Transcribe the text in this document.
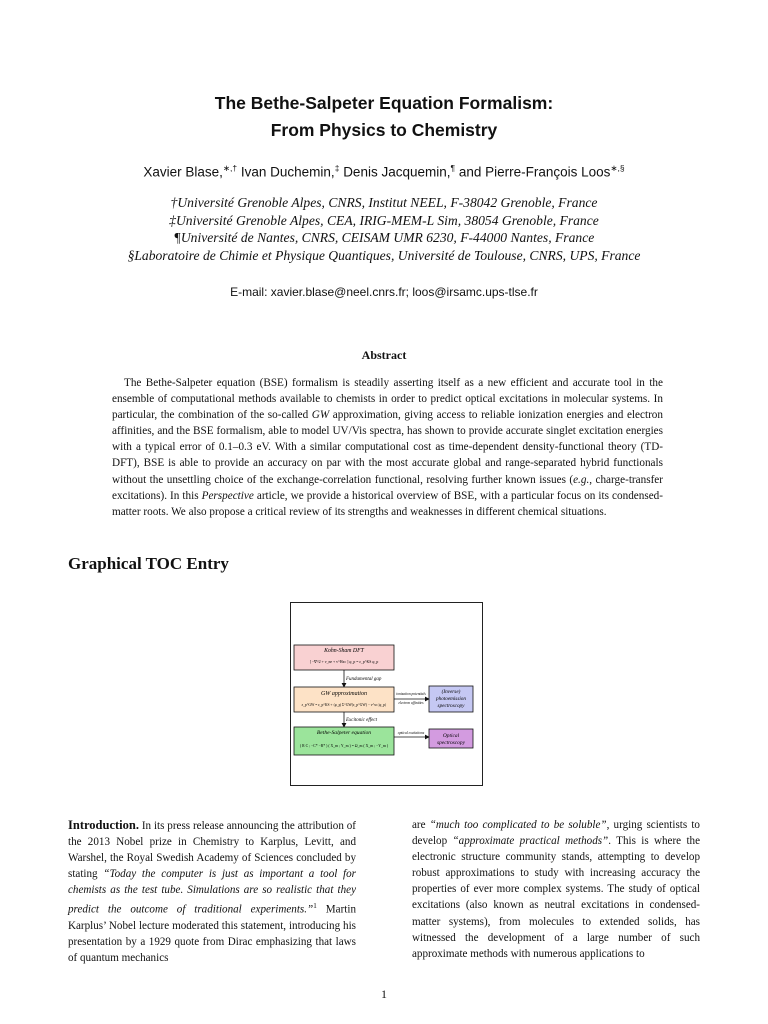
The Bethe-Salpeter Equation Formalism:
From Physics to Chemistry
Xavier Blase,∗,† Ivan Duchemin,‡ Denis Jacquemin,¶ and Pierre-François Loos∗,§
†Université Grenoble Alpes, CNRS, Institut NEEL, F-38042 Grenoble, France
‡Université Grenoble Alpes, CEA, IRIG-MEM-L Sim, 38054 Grenoble, France
¶Université de Nantes, CNRS, CEISAM UMR 6230, F-44000 Nantes, France
§Laboratoire de Chimie et Physique Quantiques, Université de Toulouse, CNRS, UPS, France
E-mail: xavier.blase@neel.cnrs.fr; loos@irsamc.ups-tlse.fr
Abstract
The Bethe-Salpeter equation (BSE) formalism is steadily asserting itself as a new efficient and accurate tool in the ensemble of computational methods available to chemists in order to predict optical excitations in molecular systems. In particular, the combination of the so-called GW approximation, giving access to reliable ionization energies and electron affinities, and the BSE formalism, able to model UV/Vis spectra, has shown to provide accurate singlet excitation energies with a typical error of 0.1–0.3 eV. With a similar computational cost as time-dependent density-functional theory (TD-DFT), BSE is able to provide an accuracy on par with the most accurate global and range-separated hybrid functionals without the unsettling choice of the exchange-correlation functional, resolving further known issues (e.g., charge-transfer excitations). In this Perspective article, we provide a historical overview of BSE, with a particular focus on its condensed-matter roots. We also propose a critical review of its strengths and weaknesses in different chemical situations.
Graphical TOC Entry
Kohn-Sham DFT
[ −∇²/2 + v_ne + v^Hxc ] φ_p = ε_p^KS φ_p
Fundamental gap
GW approximation
ε_p^GW = ε_p^KS + ⟨φ_p| Σ^GW(ε_p^GW) − v^xc |φ_p⟩
ionization potentials
electron affinities
(Inverse)
photoemission
spectroscopy
Excitonic effect
Bethe-Salpeter equation
( R C ; −C* −R* ) ( X_m ; Y_m ) = Ω_m ( X_m ; −Y_m )
optical excitations	Optical
spectroscopy
Introduction. In its press release announcing the attribution of the 2013 Nobel prize in Chemistry to Karplus, Levitt, and Warshel, the Royal Swedish Academy of Sciences concluded by stating “Today the computer is just as important a tool for chemists as the test tube. Simulations are so realistic that they predict the outcome of traditional experiments.”$^1$ Martin Karplus’ Nobel lecture moderated this statement, introducing his presentation by a 1929 quote from Dirac emphasizing that laws of quantum mechanics
are “much too complicated to be soluble”, urging scientists to develop “approximate practical methods”. This is where the electronic structure community stands, attempting to develop robust approximations to study with increasing accuracy the properties of ever more complex systems. The study of optical excitations (also known as neutral excitations in condensed-matter systems), from molecules to extended solids, has witnessed the development of a large number of such approximate methods with numerous applications to
1
